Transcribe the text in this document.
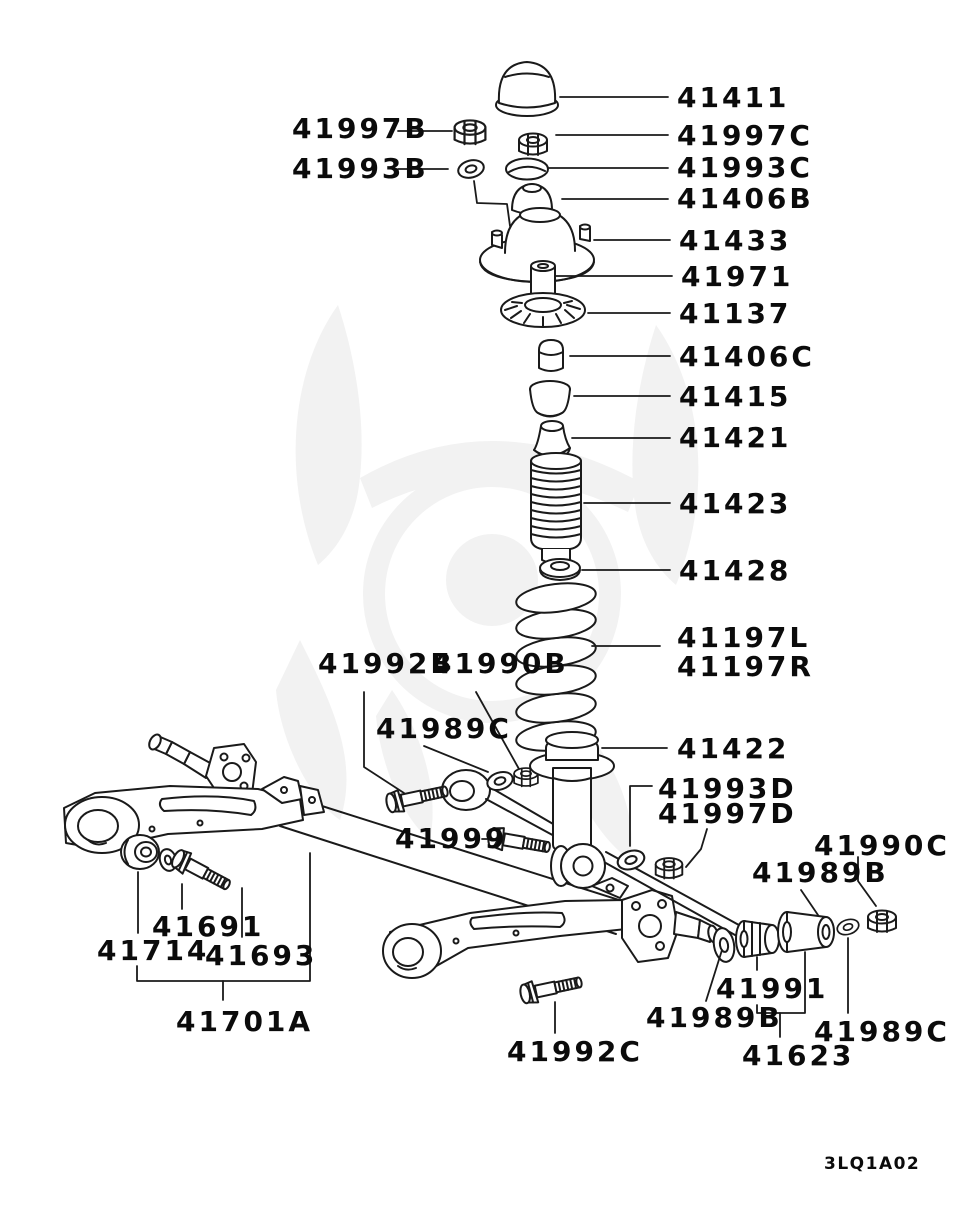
41411
41997B	41997C
41993B	41993C
41406B
41433
41971
41137
41406C
41415
41421
41423
41428
41197L
41197R
41992B
41990B
41989C
41422
41993D
41997D
41999	41990C
41989B
41691
41714
41693
41701A
41991
41989B 41989C
41992C	41623
3LQ1A02
